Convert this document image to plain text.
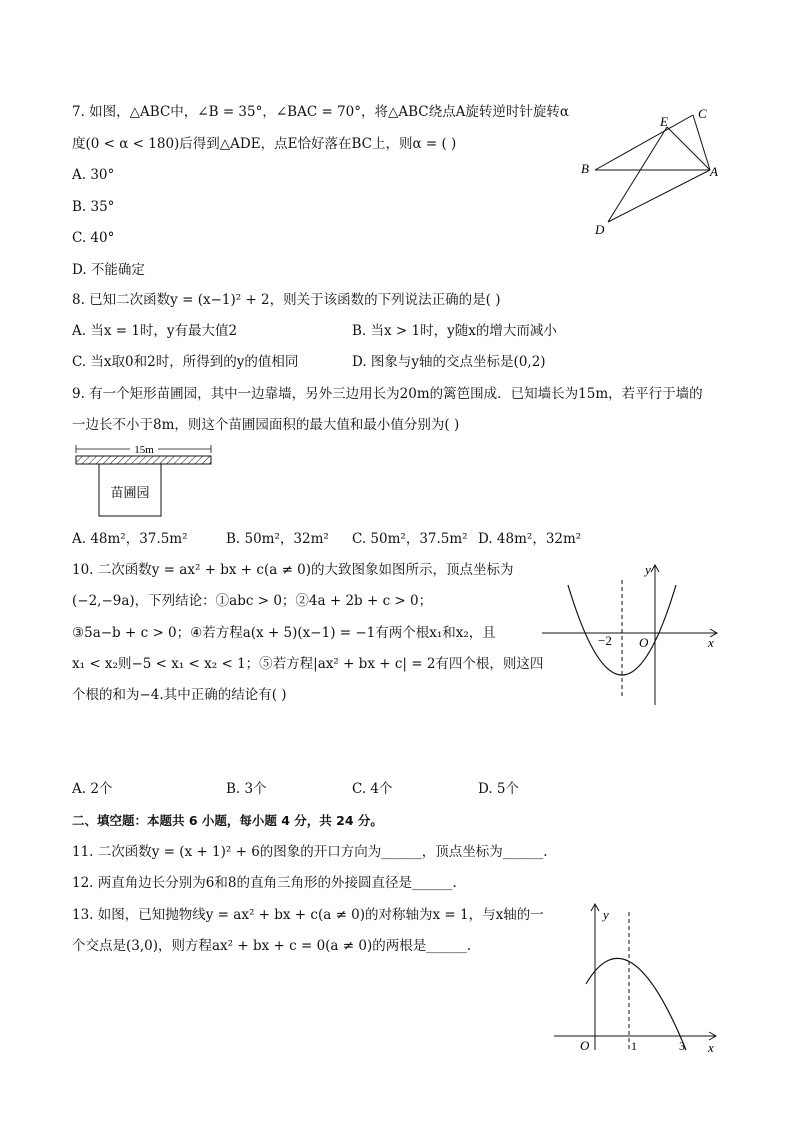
7. 如图，△ABC中，∠B = 35°，∠BAC = 70°，将△ABC绕点A旋转逆时针旋转α
度(0 < α < 180)后得到△ADE，点E恰好落在BC上，则α = ( )
A. 30°
B. 35°
C. 40°
D. 不能确定
E
C
B	A
D
8. 已知二次函数y = (x−1)² + 2，则关于该函数的下列说法正确的是( )
A. 当x = 1时，y有最大值2	B. 当x > 1时，y随x的增大而减小
C. 当x取0和2时，所得到的y的值相同	D. 图象与y轴的交点坐标是(0,2)
9. 有一个矩形苗圃园，其中一边靠墙，另外三边用长为20m的篱笆围成．已知墙长为15m，若平行于墙的
一边长不小于8m，则这个苗圃园面积的最大值和最小值分别为( )
15m
苗圃园
A. 48m²，37.5m²	B. 50m²，32m² C. 50m²，37.5m² D. 48m²，32m²
10. 二次函数y = ax² + bx + c(a ≠ 0)的大致图象如图所示，顶点坐标为
(−2,−9a)，下列结论：①abc > 0；②4a + 2b + c > 0；
③5a−b + c > 0；④若方程a(x + 5)(x−1) = −1有两个根x₁和x₂，且
x₁ < x₂则−5 < x₁ < x₂ < 1；⑤若方程|ax² + bx + c| = 2有四个根，则这四
个根的和为−4.其中正确的结论有( )
y
x
−2 O
A. 2个	B. 3个	C. 4个	D. 5个
二、填空题：本题共 6 小题，每小题 4 分，共 24 分。
11. 二次函数y = (x + 1)² + 6的图象的开口方向为______，顶点坐标为______.
12. 两直角边长分别为6和8的直角三角形的外接圆直径是______.
13. 如图，已知抛物线y = ax² + bx + c(a ≠ 0)的对称轴为x = 1，与x轴的一
个交点是(3,0)，则方程ax² + bx + c = 0(a ≠ 0)的两根是______.
y
x
O	1	3
